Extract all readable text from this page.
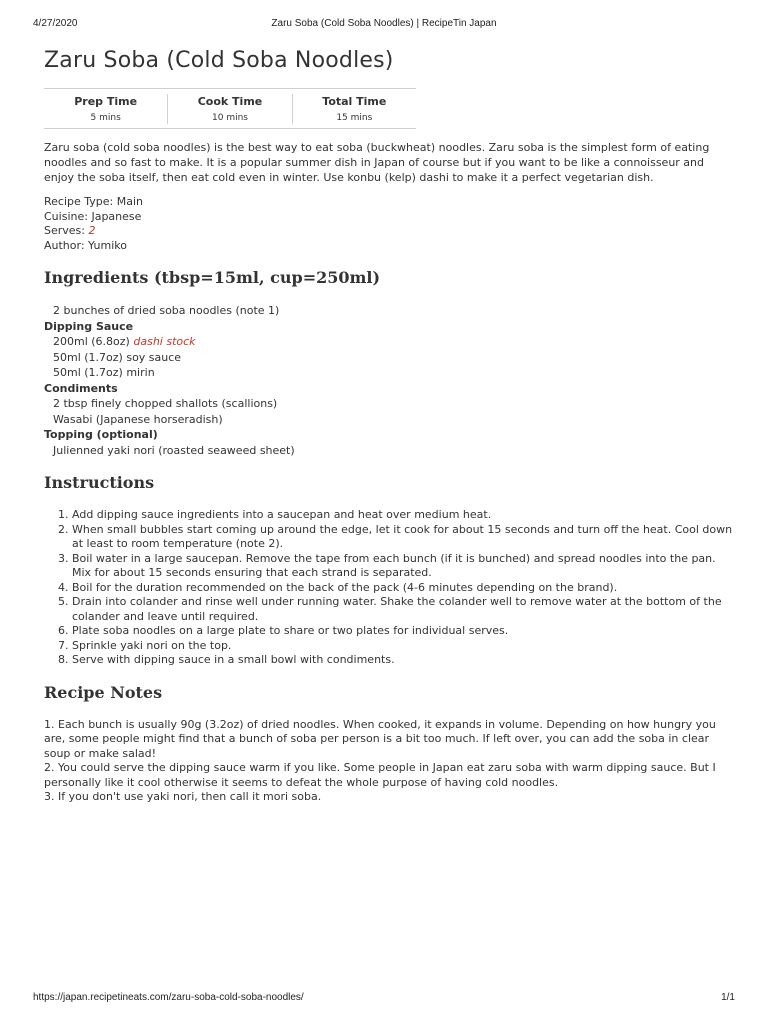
4/27/2020	Zaru Soba (Cold Soba Noodles) | RecipeTin Japan
Zaru Soba (Cold Soba Noodles)
Prep Time
5 mins
Cook Time
10 mins
Total Time
15 mins

Zaru soba (cold soba noodles) is the best way to eat soba (buckwheat) noodles. Zaru soba is the simplest form of eating noodles and so fast to make. It is a popular summer dish in Japan of course but if you want to be like a connoisseur and enjoy the soba itself, then eat cold even in winter. Use konbu (kelp) dashi to make it a perfect vegetarian dish.

Recipe Type: Main
Cuisine: Japanese
Serves: 2
Author: Yumiko
Ingredients (tbsp=15ml, cup=250ml)
2 bunches of dried soba noodles (note 1)
Dipping Sauce
200ml (6.8oz) dashi stock
50ml (1.7oz) soy sauce
50ml (1.7oz) mirin
Condiments
2 tbsp finely chopped shallots (scallions)
Wasabi (Japanese horseradish)
Topping (optional)
Julienned yaki nori (roasted seaweed sheet)
Instructions
1. Add dipping sauce ingredients into a saucepan and heat over medium heat.
2. When small bubbles start coming up around the edge, let it cook for about 15 seconds and turn off the heat. Cool down at least to room temperature (note 2).
3. Boil water in a large saucepan. Remove the tape from each bunch (if it is bunched) and spread noodles into the pan. Mix for about 15 seconds ensuring that each strand is separated.
4. Boil for the duration recommended on the back of the pack (4-6 minutes depending on the brand).
5. Drain into colander and rinse well under running water. Shake the colander well to remove water at the bottom of the colander and leave until required.
6. Plate soba noodles on a large plate to share or two plates for individual serves.
7. Sprinkle yaki nori on the top.
8. Serve with dipping sauce in a small bowl with condiments.
Recipe Notes

1. Each bunch is usually 90g (3.2oz) of dried noodles. When cooked, it expands in volume. Depending on how hungry you are, some people might find that a bunch of soba per person is a bit too much. If left over, you can add the soba in clear soup or make salad!

2. You could serve the dipping sauce warm if you like. Some people in Japan eat zaru soba with warm dipping sauce. But I personally like it cool otherwise it seems to defeat the whole purpose of having cold noodles.

3. If you don't use yaki nori, then call it mori soba.

https://japan.recipetineats.com/zaru-soba-cold-soba-noodles/	1/1
